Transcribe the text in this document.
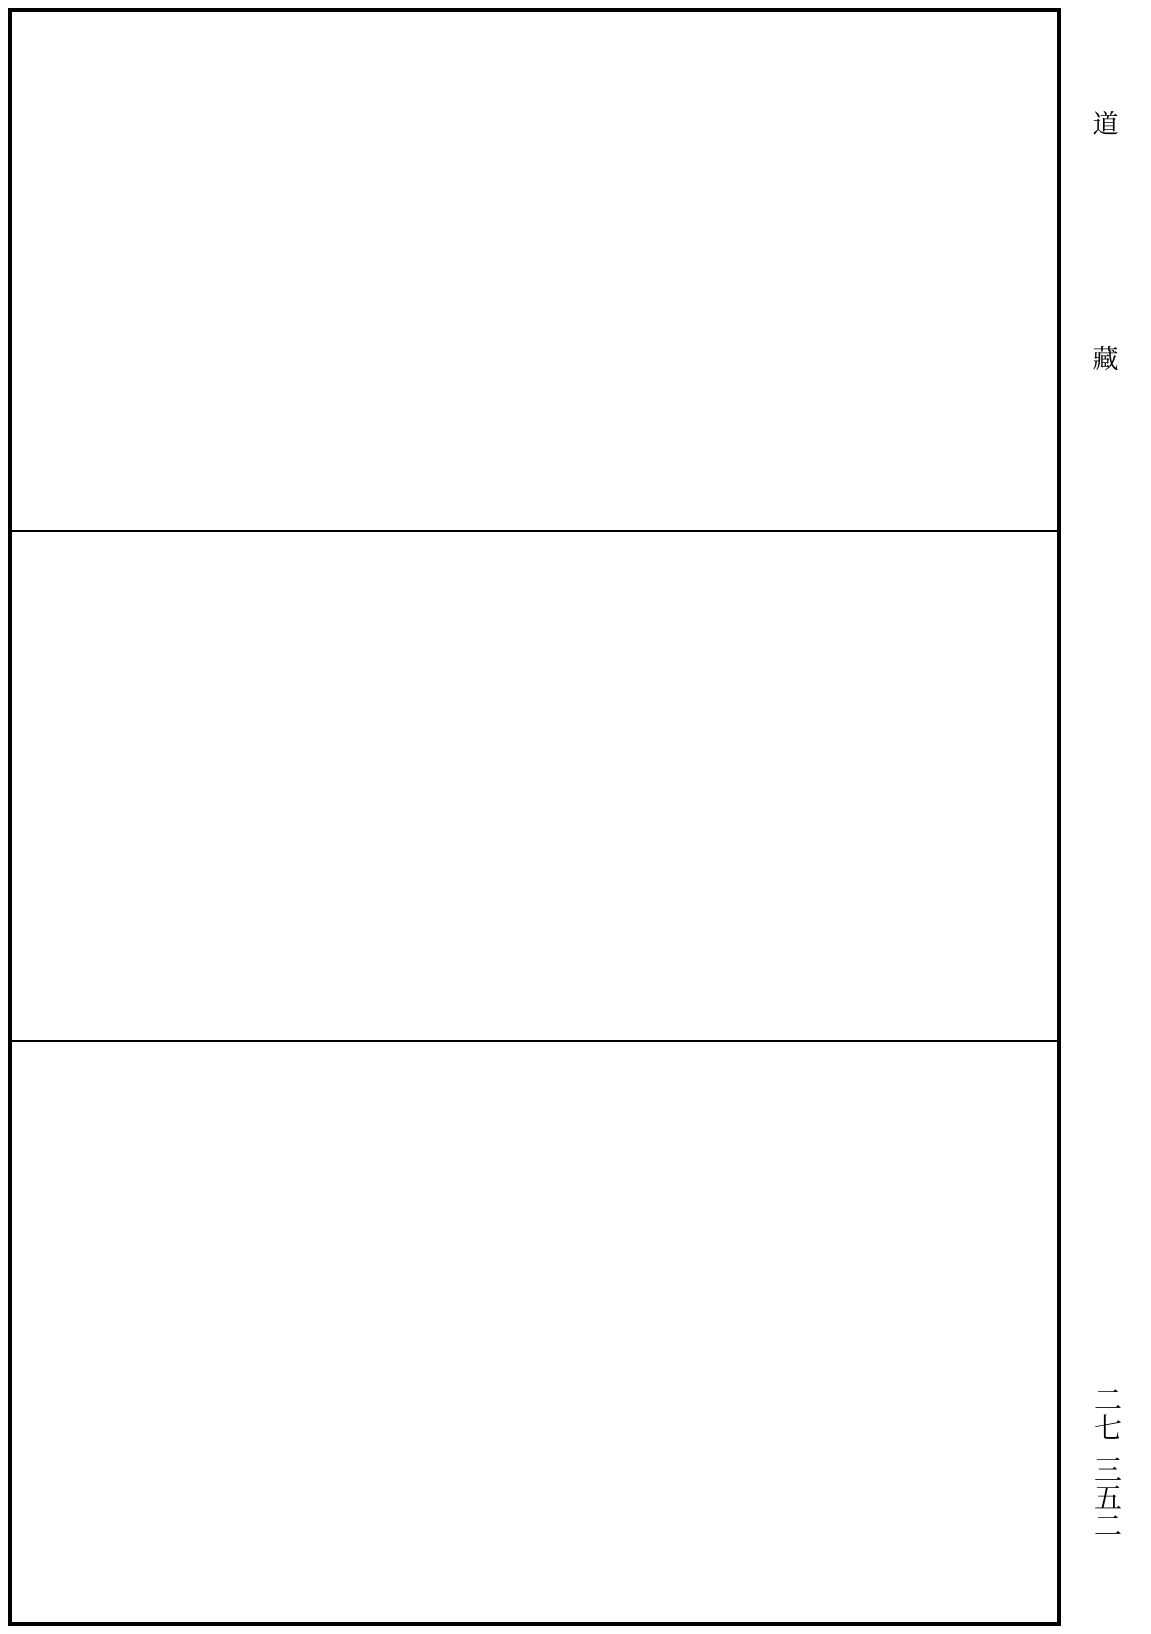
道
藏
二七
三五二
